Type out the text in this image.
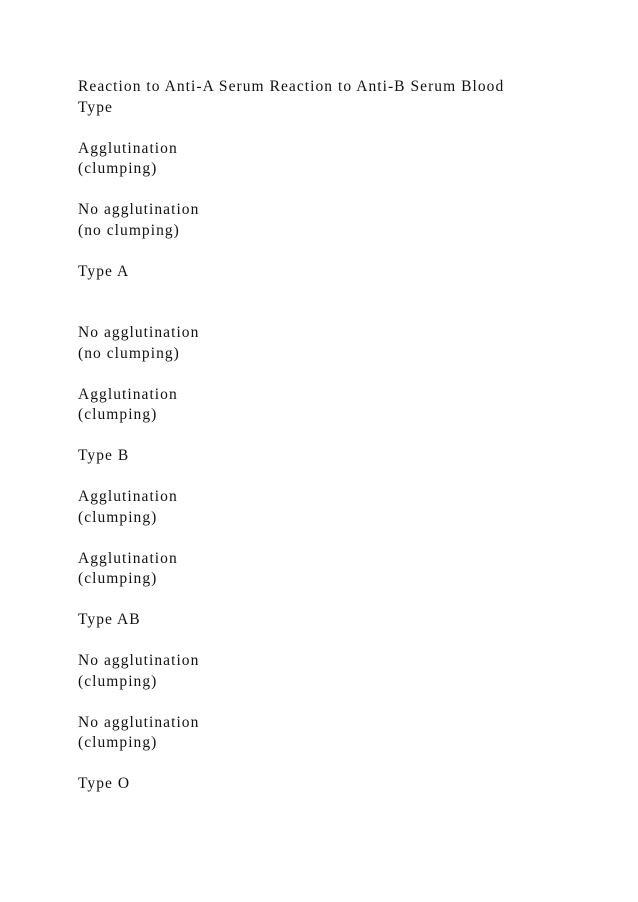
Reaction to Anti-A Serum Reaction to Anti-B Serum Blood
Type

Agglutination
(clumping)

No agglutination
(no clumping)

Type A

No agglutination
(no clumping)

Agglutination
(clumping)

Type B

Agglutination
(clumping)

Agglutination
(clumping)

Type AB

No agglutination
(clumping)

No agglutination
(clumping)

Type O
